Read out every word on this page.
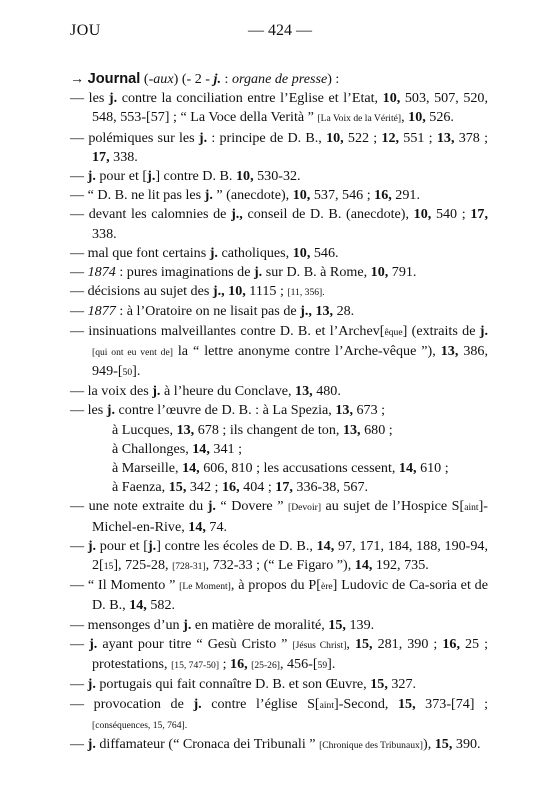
JOU	— 424 —

→ Journal (-aux) (- 2 - j. : organe de presse) :

— les j. contre la conciliation entre l’Eglise et l’Etat, 10, 503, 507, 520, 548, 553-[57] ; “ La Voce della Verità ” [La Voix de la Vérité], 10, 526.

— polémiques sur les j. : principe de D. B., 10, 522 ; 12, 551 ; 13, 378 ; 17, 338.

— j. pour et [j.] contre D. B. 10, 530-32.

— “ D. B. ne lit pas les j. ” (anecdote), 10, 537, 546 ; 16, 291.

— devant les calomnies de j., conseil de D. B. (anecdote), 10, 540 ; 17, 338.

— mal que font certains j. catholiques, 10, 546.

— 1874 : pures imaginations de j. sur D. B. à Rome, 10, 791.

— décisions au sujet des j., 10, 1115 ; [11, 356].

— 1877 : à l’Oratoire on ne lisait pas de j., 13, 28.

— insinuations malveillantes contre D. B. et l’Archev[êque] (extraits de j. [qui ont eu vent de] la “ lettre anonyme contre l’Arche-vêque ”), 13, 386, 949-[50].

— la voix des j. à l’heure du Conclave, 13, 480.

— les j. contre l’œuvre de D. B. : à La Spezia, 13, 673 ;

à Lucques, 13, 678 ; ils changent de ton, 13, 680 ;

à Challonges, 14, 341 ;

à Marseille, 14, 606, 810 ; les accusations cessent, 14, 610 ;

à Faenza, 15, 342 ; 16, 404 ; 17, 336-38, 567.

— une note extraite du j. “ Dovere ” [Devoir] au sujet de l’Hospice S[aint]-Michel-en-Rive, 14, 74.

— j. pour et [j.] contre les écoles de D. B., 14, 97, 171, 184, 188, 190-94, 2[15], 725-28, [728-31], 732-33 ; (“ Le Figaro ”), 14, 192, 735.

— “ Il Momento ” [Le Moment], à propos du P[ère] Ludovic de Ca-soria et de D. B., 14, 582.

— mensonges d’un j. en matière de moralité, 15, 139.

— j. ayant pour titre “ Gesù Cristo ” [Jésus Christ], 15, 281, 390 ; 16, 25 ; protestations, [15, 747-50] ; 16, [25-26], 456-[59].

— j. portugais qui fait connaître D. B. et son Œuvre, 15, 327.

— provocation de j. contre l’église S[aint]-Second, 15, 373-[74] ; [conséquences, 15, 764].

— j. diffamateur (“ Cronaca dei Tribunali ” [Chronique des Tribunaux]), 15, 390.
